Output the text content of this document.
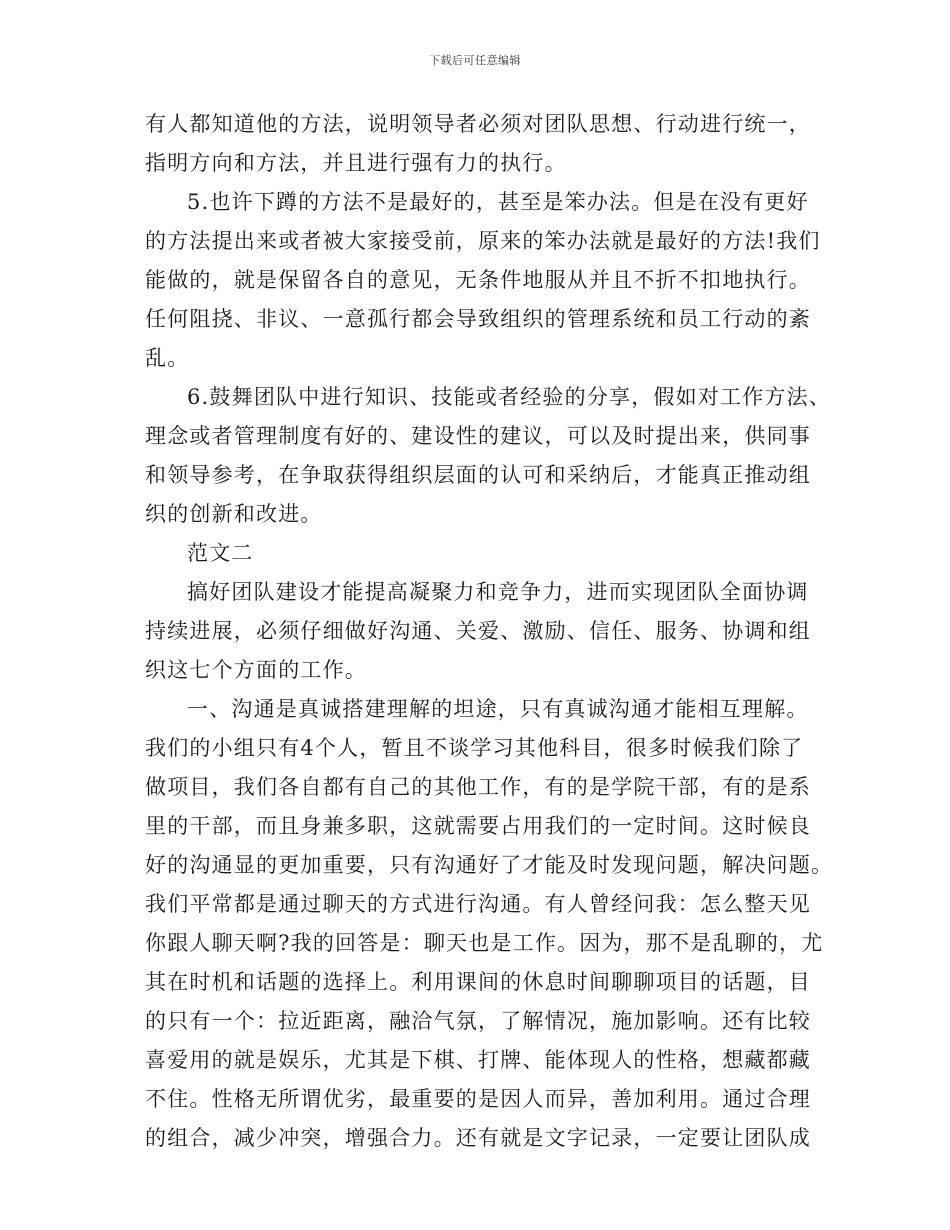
下载后可任意编辑
有人都知道他的方法，说明领导者必须对团队思想、行动进行统一，
指明方向和方法，并且进行强有力的执行。
5.也许下蹲的方法不是最好的，甚至是笨办法。但是在没有更好
的方法提出来或者被大家接受前，原来的笨办法就是最好的方法!我们
能做的，就是保留各自的意见，无条件地服从并且不折不扣地执行。
任何阻挠、非议、一意孤行都会导致组织的管理系统和员工行动的紊
乱。
6.鼓舞团队中进行知识、技能或者经验的分享，假如对工作方法、
理念或者管理制度有好的、建设性的建议，可以及时提出来，供同事
和领导参考，在争取获得组织层面的认可和采纳后，才能真正推动组
织的创新和改进。
范文二
搞好团队建设才能提高凝聚力和竞争力，进而实现团队全面协调
持续进展，必须仔细做好沟通、关爱、激励、信任、服务、协调和组
织这七个方面的工作。
一、沟通是真诚搭建理解的坦途，只有真诚沟通才能相互理解。
我们的小组只有4个人，暂且不谈学习其他科目，很多时候我们除了
做项目，我们各自都有自己的其他工作，有的是学院干部，有的是系
里的干部，而且身兼多职，这就需要占用我们的一定时间。这时候良
好的沟通显的更加重要，只有沟通好了才能及时发现问题，解决问题。
我们平常都是通过聊天的方式进行沟通。有人曾经问我：怎么整天见
你跟人聊天啊?我的回答是：聊天也是工作。因为，那不是乱聊的，尤
其在时机和话题的选择上。利用课间的休息时间聊聊项目的话题，目
的只有一个：拉近距离，融洽气氛，了解情况，施加影响。还有比较
喜爱用的就是娱乐，尤其是下棋、打牌、能体现人的性格，想藏都藏
不住。性格无所谓优劣，最重要的是因人而异，善加利用。通过合理
的组合，减少冲突，增强合力。还有就是文字记录，一定要让团队成
